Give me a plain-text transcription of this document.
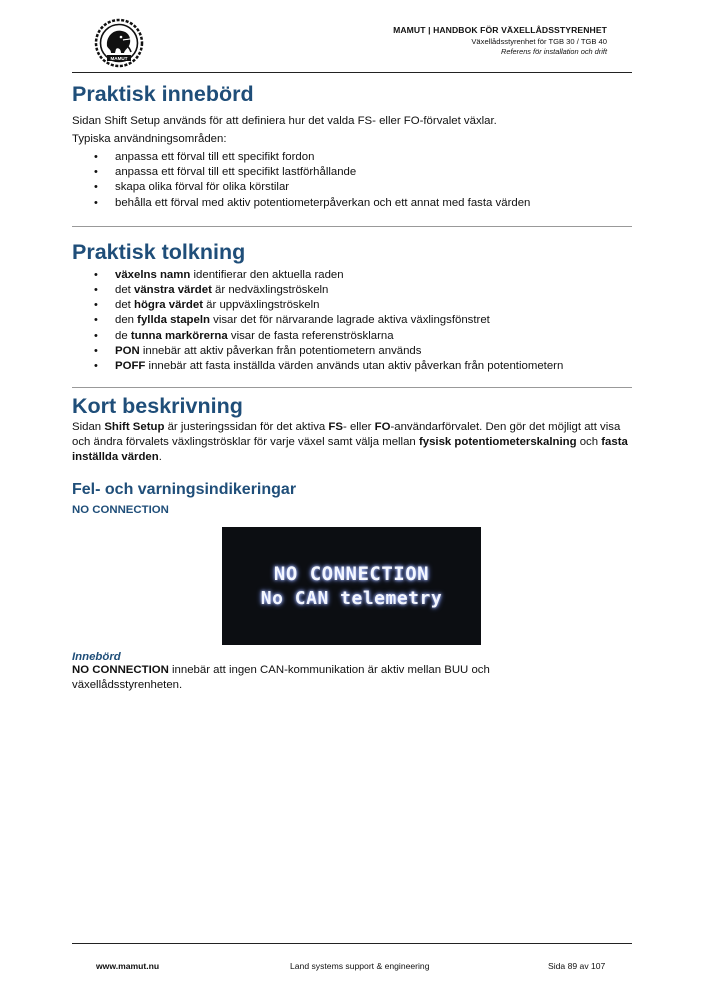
MAMUT
MAMUT | HANDBOK FÖR VÄXELLÅDSSTYRENHET
Växellådsstyrenhet för TGB 30 / TGB 40
Referens för installation och drift
Praktisk innebörd

Sidan Shift Setup används för att definiera hur det valda FS- eller FO-förvalet växlar.

Typiska användningsområden:

• anpassa ett förval till ett specifikt fordon
• anpassa ett förval till ett specifikt lastförhållande
• skapa olika förval för olika körstilar
• behålla ett förval med aktiv potentiometerpåverkan och ett annat med fasta värden
Praktisk tolkning
• växelns namn identifierar den aktuella raden
• det vänstra värdet är nedväxlingströskeln
• det högra värdet är uppväxlingströskeln
• den fyllda stapeln visar det för närvarande lagrade aktiva växlingsfönstret
• de tunna markörerna visar de fasta referenströsklarna
• PON innebär att aktiv påverkan från potentiometern används
• POFF innebär att fasta inställda värden används utan aktiv påverkan från potentiometern
Kort beskrivning

Sidan Shift Setup är justeringssidan för det aktiva FS- eller FO-användarförvalet. Den gör det möjligt att visa och ändra förvalets växlingströsklar för varje växel samt välja mellan fysisk potentiometerskalning och fasta inställda värden.

Fel- och varningsindikeringar
NO CONNECTION
NO CONNECTION
No CAN telemetry
Innebörd

NO CONNECTION innebär att ingen CAN-kommunikation är aktiv mellan BUU och växellådsstyrenheten.

www.mamut.nu	Land systems support & engineering	Sida 89 av 107
